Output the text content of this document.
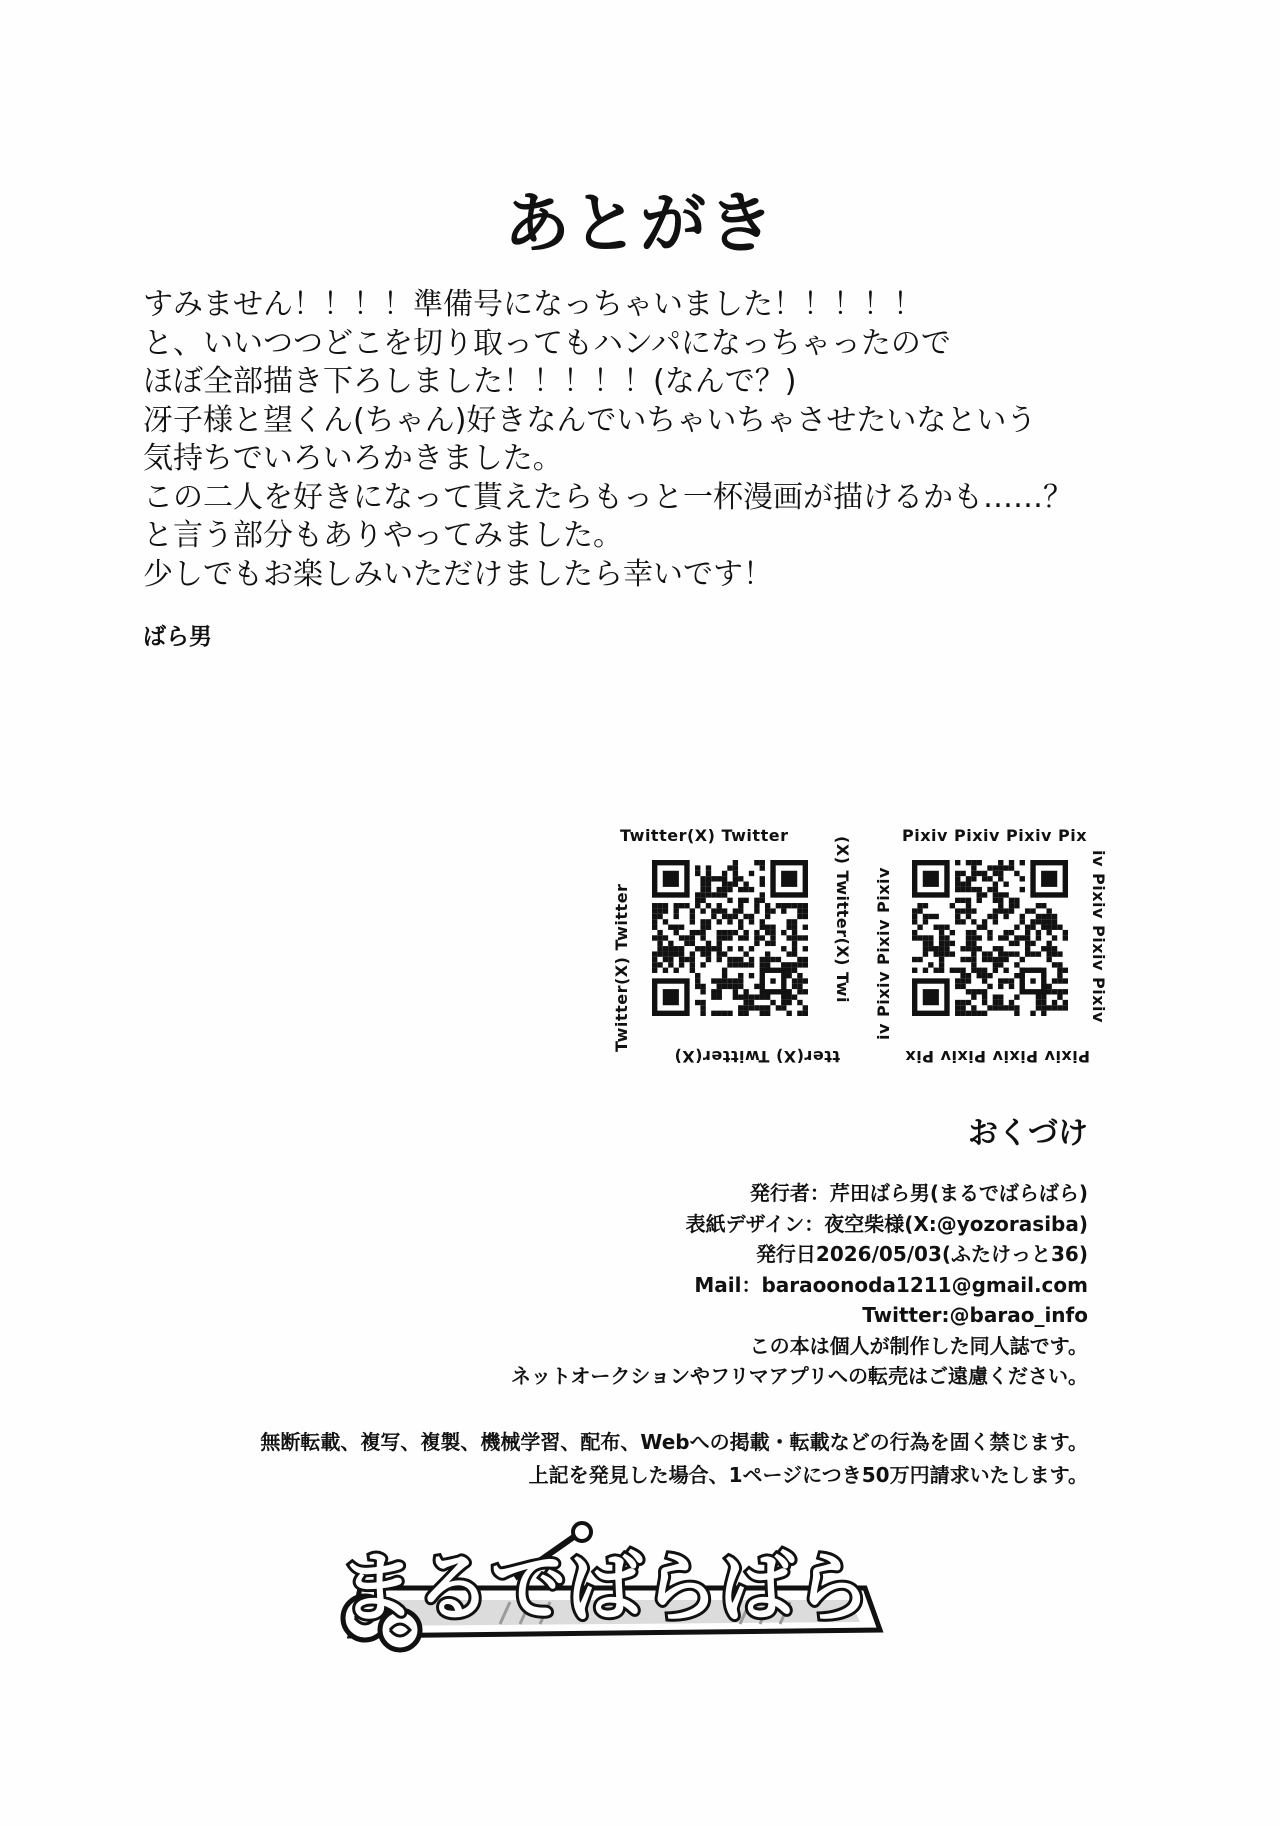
あとがき
すみません！！！！準備号になっちゃいました！！！！！
と、いいつつどこを切り取ってもハンパになっちゃったので
ほぼ全部描き下ろしました！！！！！(なんで？)
冴子様と望くん(ちゃん)好きなんでいちゃいちゃさせたいなという
気持ちでいろいろかきました。
この二人を好きになって貰えたらもっと一杯漫画が描けるかも……？
と言う部分もありやってみました。
少しでもお楽しみいただけましたら幸いです！
ばら男
Twitter(X) Twitter
(X) Twitter(X) Twi
tter(X) Twitter(X)
Twitter(X) Twitter
Pixiv Pixiv Pixiv Pix
iv Pixiv Pixiv Pixiv
Pixiv Pixiv Pixiv Pix
iv Pixiv Pixiv Pixiv
おくづけ
発行者：芹田ばら男(まるでばらばら)
表紙デザイン：夜空柴様(X:@yozorasiba)
発行日2026/05/03(ふたけっと36)
Mail：baraoonoda1211@gmail.com
Twitter:@barao_info
この本は個人が制作した同人誌です。
ネットオークションやフリマアプリへの転売はご遠慮ください。
無断転載、複写、複製、機械学習、配布、Webへの掲載・転載などの行為を固く禁じます。
上記を発見した場合、1ページにつき50万円請求いたします。
まるでばらばら
